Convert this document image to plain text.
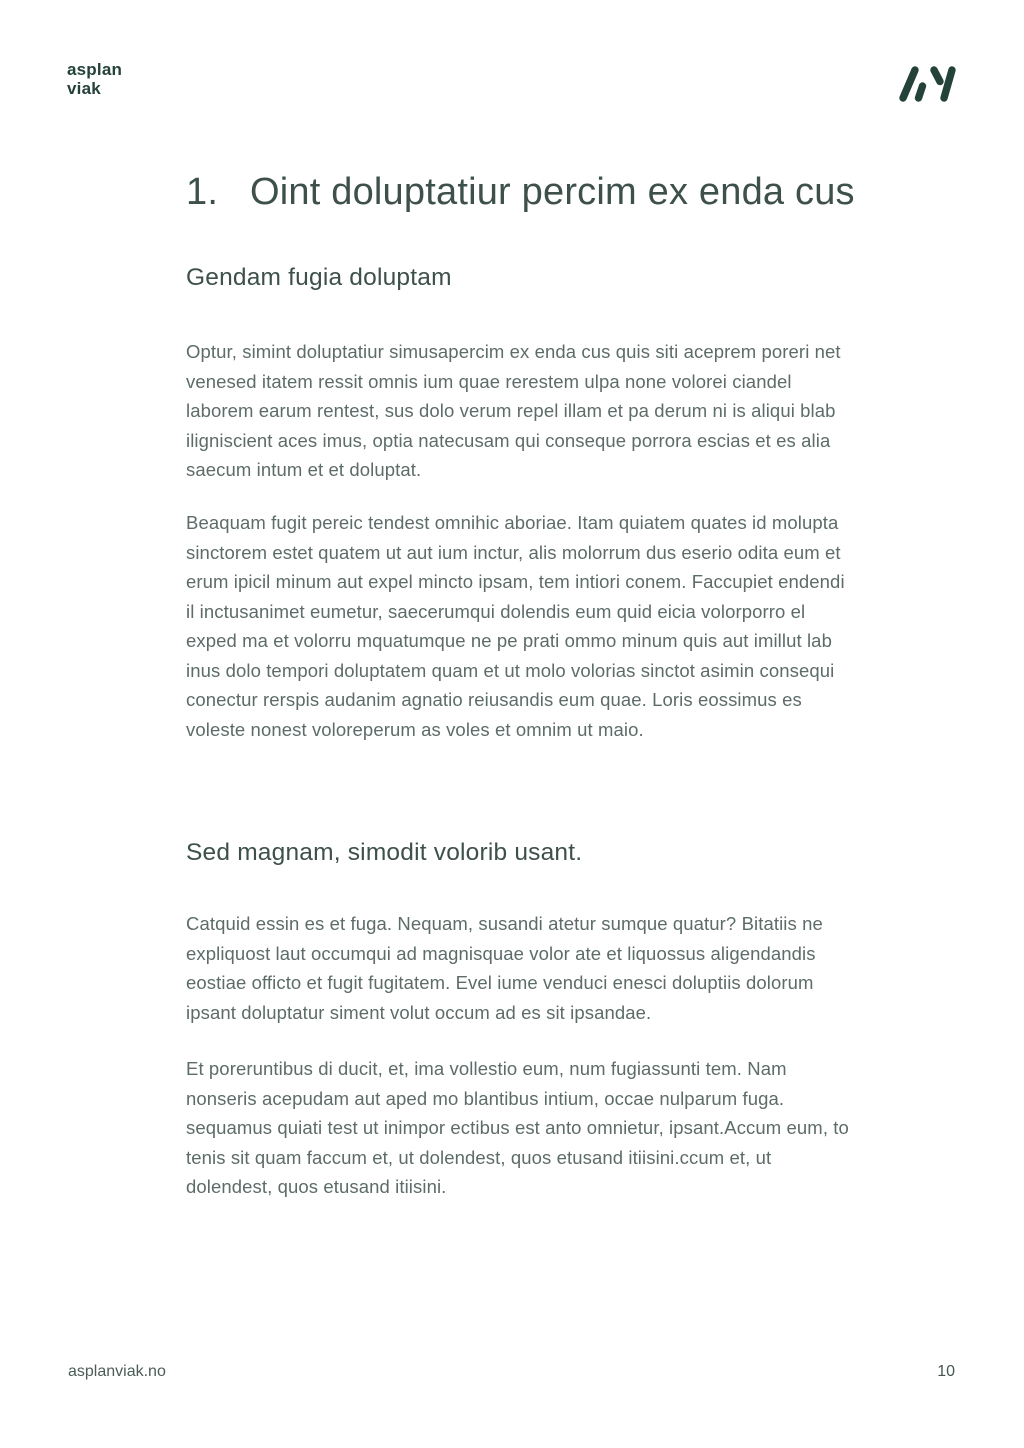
asplan
viak
1. Oint doluptatiur percim ex enda cus
Gendam fugia doluptam

Optur, simint doluptatiur simusapercim ex enda cus quis siti aceprem poreri net venesed itatem ressit omnis ium quae rerestem ulpa none volorei ciandel laborem earum rentest, sus dolo verum repel illam et pa derum ni is aliqui blab iligniscient aces imus, optia natecusam qui conseque porrora escias et es alia saecum intum et et doluptat.

Beaquam fugit pereic tendest omnihic aboriae. Itam quiatem quates id molupta sinctorem estet quatem ut aut ium inctur, alis molorrum dus eserio odita eum et erum ipicil minum aut expel mincto ipsam, tem intiori conem. Faccupiet endendi il inctusanimet eumetur, saecerumqui dolendis eum quid eicia volorporro el exped ma et volorru mquatumque ne pe prati ommo minum quis aut imillut lab inus dolo tempori doluptatem quam et ut molo volorias sinctot asimin consequi conectur rerspis audanim agnatio reiusandis eum quae. Loris eossimus es voleste nonest voloreperum as voles et omnim ut maio.

Sed magnam, simodit volorib usant.

Catquid essin es et fuga. Nequam, susandi atetur sumque quatur? Bitatiis ne expliquost laut occumqui ad magnisquae volor ate et liquossus aligendandis eostiae officto et fugit fugitatem. Evel iume venduci enesci doluptiis dolorum ipsant doluptatur siment volut occum ad es sit ipsandae.

Et poreruntibus di ducit, et, ima vollestio eum, num fugiassunti tem. Nam nonseris acepudam aut aped mo blantibus intium, occae nulparum fuga. sequamus quiati test ut inimpor ectibus est anto omnietur, ipsant.Accum eum, to tenis sit quam faccum et, ut dolendest, quos etusand itiisini.ccum et, ut dolendest, quos etusand itiisini.

asplanviak.no	10
